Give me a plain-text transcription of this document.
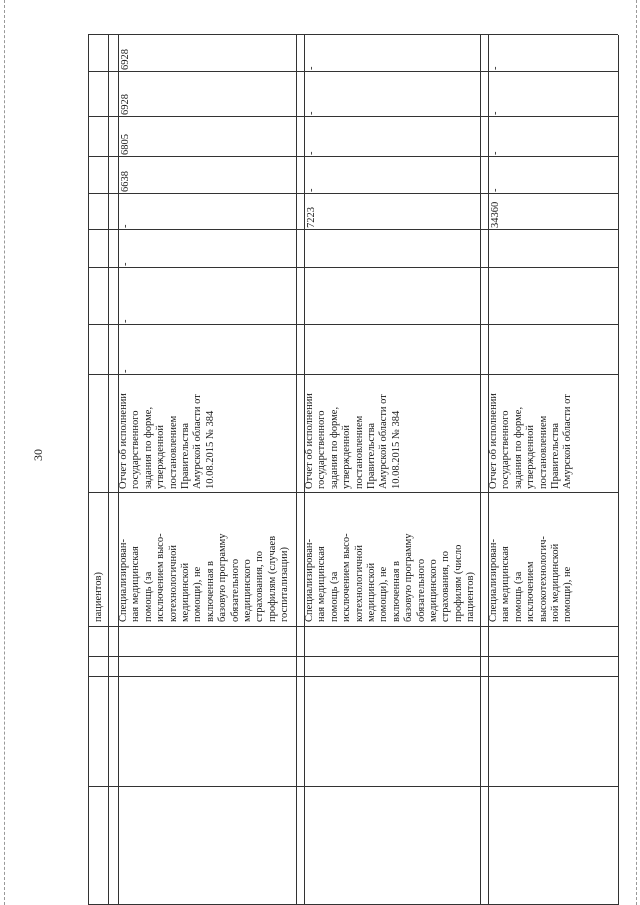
30
пациентов) Специализирован-
ная медицинская
помощь (за
исключением высо-
котехнологичной
медицинской
помощи), не
включенная в
базовую программу
обязательного
медицинского
страхования, по
профилям (случаев
госпитализации)
Отчет об исполнении
государственного
задания по форме,
утвержденной
постановлением
Правительства
Амурской области от
10.08.2015 № 384
-
-
-
-
6638
6805
6928
6928
Специализирован-
ная медицинская
помощь (за
исключением высо-
котехнологичной
медицинской
помощи), не
включенная в
базовую программу
обязательного
медицинского
страхования, по
профилям (число
пациентов)
Отчет об исполнении
государственного
задания по форме,
утвержденной
постановлением
Правительства
Амурской области от
10.08.2015 № 384
7223
-
-
-
-
Специализирован-
ная медицинская
помощь (за
исключением
высокотехнологич-
ной медицинской
помощи), не
Отчет об исполнении
государственного
задания по форме,
утвержденной
постановлением
Правительства
Амурской области от
34360
-
-
-
-
